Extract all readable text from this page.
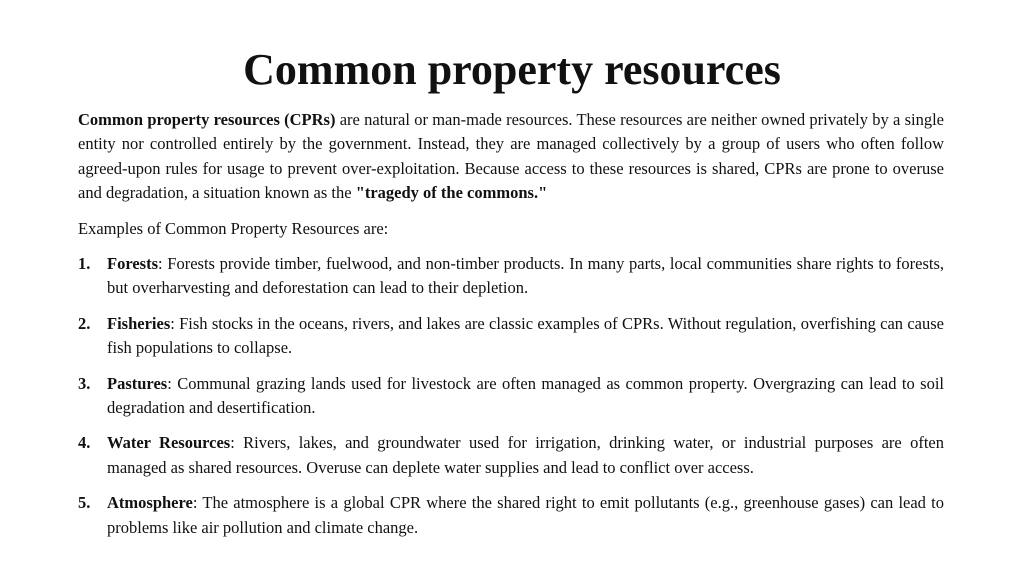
Common property resources

Common property resources (CPRs) are natural or man-made resources. These resources are neither owned privately by a single entity nor controlled entirely by the government. Instead, they are managed collectively by a group of users who often follow agreed-upon rules for usage to prevent over-exploitation. Because access to these resources is shared, CPRs are prone to overuse and degradation, a situation known as the "tragedy of the commons."

Examples of Common Property Resources are:

1. Forests: Forests provide timber, fuelwood, and non-timber products. In many parts, local communities share rights to forests, but overharvesting and deforestation can lead to their depletion.
2. Fisheries: Fish stocks in the oceans, rivers, and lakes are classic examples of CPRs. Without regulation, overfishing can cause fish populations to collapse.
3. Pastures: Communal grazing lands used for livestock are often managed as common property. Overgrazing can lead to soil degradation and desertification.
4. Water Resources: Rivers, lakes, and groundwater used for irrigation, drinking water, or industrial purposes are often managed as shared resources. Overuse can deplete water supplies and lead to conflict over access.
5. Atmosphere: The atmosphere is a global CPR where the shared right to emit pollutants (e.g., greenhouse gases) can lead to problems like air pollution and climate change.
